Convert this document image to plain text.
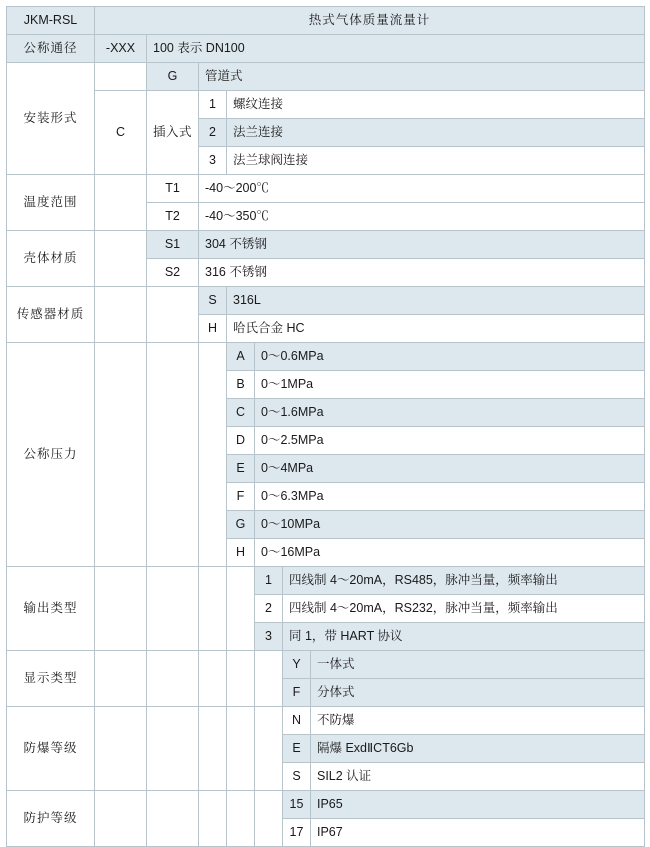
JKM-RSL	热式气体质量流量计						
公称通径	-XXX	100 表示 DN100					
安装形式		G	管道式				
	C	插入式	1	螺纹连接			
			2	法兰连接			
			3	法兰球阀连接			
温度范围		T1	-40～200℃				
		T2	-40～350℃				
壳体材质		S1	304 不锈钢				
		S2	316 不锈钢				
传感器材质			S	316L			
			H	哈氏合金 HC			
公称压力				A	0～0.6MPa		
				B	0～1MPa		
				C	0～1.6MPa		
				D	0～2.5MPa		
				E	0～4MPa		
				F	0～6.3MPa		
				G	0～10MPa		
				H	0～16MPa		
输出类型					1	四线制 4～20mA，RS485，脉冲当量，频率输出	
					2	四线制 4～20mA，RS232，脉冲当量，频率输出	
					3	同 1，带 HART 协议	
显示类型						Y	一体式
						F	分体式
防爆等级						N	不防爆
						E	隔爆 ExdⅡCT6Gb
						S	SIL2 认证
防护等级						15	IP65
						17	IP67
